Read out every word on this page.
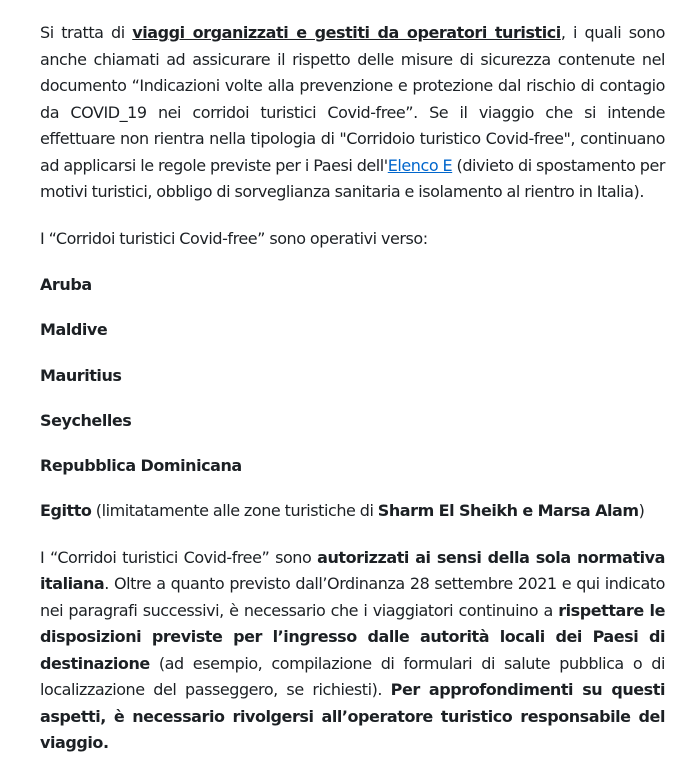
Si tratta di viaggi organizzati e gestiti da operatori turistici, i quali sono anche chiamati ad assicurare il rispetto delle misure di sicurezza contenute nel documento “Indicazioni volte alla prevenzione e protezione dal rischio di contagio da COVID_19 nei corridoi turistici Covid-free”. Se il viaggio che si intende effettuare non rientra nella tipologia di "Corridoio turistico Covid-free", continuano ad applicarsi le regole previste per i Paesi dell'Elenco E (divieto di spostamento per motivi turistici, obbligo di sorveglianza sanitaria e isolamento al rientro in Italia).

I “Corridoi turistici Covid-free” sono operativi verso:

Aruba

Maldive

Mauritius

Seychelles

Repubblica Dominicana

Egitto (limitatamente alle zone turistiche di Sharm El Sheikh e Marsa Alam)

I “Corridoi turistici Covid-free” sono autorizzati ai sensi della sola normativa italiana. Oltre a quanto previsto dall’Ordinanza 28 settembre 2021 e qui indicato nei paragrafi successivi, è necessario che i viaggiatori continuino a rispettare le disposizioni previste per l’ingresso dalle autorità locali dei Paesi di destinazione (ad esempio, compilazione di formulari di salute pubblica o di localizzazione del passeggero, se richiesti). Per approfondimenti su questi aspetti, è necessario rivolgersi all’operatore turistico responsabile del viaggio.
